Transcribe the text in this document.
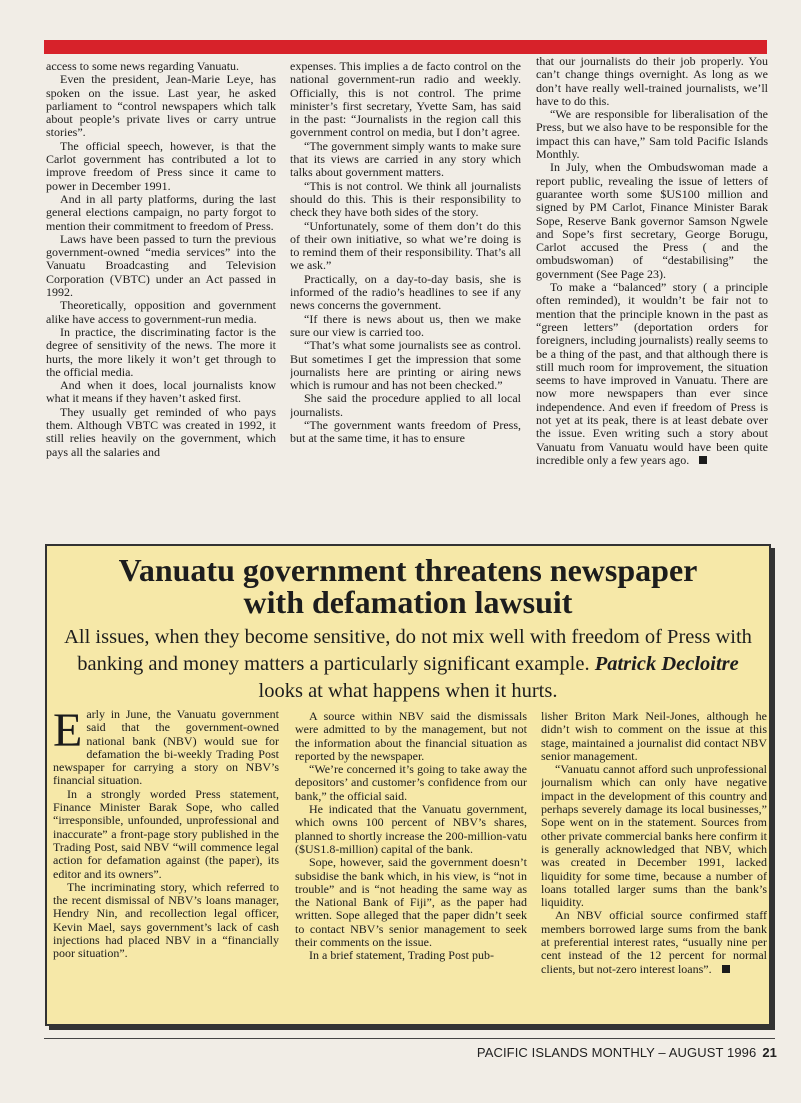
access to some news regarding Vanuatu.

Even the president, Jean-Marie Leye, has spoken on the issue. Last year, he asked parliament to “control newspapers which talk about people’s private lives or carry untrue stories”.

The official speech, however, is that the Carlot government has contributed a lot to improve freedom of Press since it came to power in December 1991.

And in all party platforms, during the last general elections campaign, no party forgot to mention their commitment to freedom of Press.

Laws have been passed to turn the previous government-owned “media services” into the Vanuatu Broadcasting and Television Corporation (VBTC) under an Act passed in 1992.

Theoretically, opposition and government alike have access to government-run media.

In practice, the discriminating factor is the degree of sensitivity of the news. The more it hurts, the more likely it won’t get through to the official media.

And when it does, local journalists know what it means if they haven’t asked first.

They usually get reminded of who pays them. Although VBTC was created in 1992, it still relies heavily on the government, which pays all the salaries and

expenses. This implies a de facto control on the national government-run radio and weekly. Officially, this is not control. The prime minister’s first secretary, Yvette Sam, has said in the past: “Journalists in the region call this government control on media, but I don’t agree.

“The government simply wants to make sure that its views are carried in any story which talks about government matters.

“This is not control. We think all journalists should do this. This is their responsibility to check they have both sides of the story.

“Unfortunately, some of them don’t do this of their own initiative, so what we’re doing is to remind them of their responsibility. That’s all we ask.”

Practically, on a day-to-day basis, she is informed of the radio’s headlines to see if any news concerns the government.

“If there is news about us, then we make sure our view is carried too.

“That’s what some journalists see as control. But sometimes I get the impression that some journalists here are printing or airing news which is rumour and has not been checked.”

She said the procedure applied to all local journalists.

“The government wants freedom of Press, but at the same time, it has to ensure

that our journalists do their job properly. You can’t change things overnight. As long as we don’t have really well-trained journalists, we’ll have to do this.

“We are responsible for liberalisation of the Press, but we also have to be responsible for the impact this can have,” Sam told Pacific Islands Monthly.

In July, when the Ombudswoman made a report public, revealing the issue of letters of guarantee worth some $US100 million and signed by PM Carlot, Finance Minister Barak Sope, Reserve Bank governor Samson Ngwele and Sope’s first secretary, George Borugu, Carlot accused the Press ( and the ombudswoman) of “destabilising” the government (See Page 23).

To make a “balanced” story ( a principle often reminded), it wouldn’t be fair not to mention that the principle known in the past as “green letters” (deportation orders for foreigners, including journalists) really seems to be a thing of the past, and that although there is still much room for improvement, the situation seems to have improved in Vanuatu. There are now more newspapers than ever since independence. And even if freedom of Press is not yet at its peak, there is at least debate over the issue. Even writing such a story about Vanuatu from Vanuatu would have been quite incredible only a few years ago.

Vanuatu government threatens newspaper
with defamation lawsuit
All issues, when they become sensitive, do not mix well with freedom of Press with banking and money matters a particularly significant example. Patrick Decloitre looks at what happens when it hurts.

Early in June, the Vanuatu government said that the government-owned national bank (NBV) would sue for defamation the bi-weekly Trading Post newspaper for carrying a story on NBV’s financial situation.

In a strongly worded Press statement, Finance Minister Barak Sope, who called “irresponsible, unfounded, unprofessional and inaccurate” a front-page story published in the Trading Post, said NBV “will commence legal action for defamation against (the paper), its editor and its owners”.

The incriminating story, which referred to the recent dismissal of NBV’s loans manager, Hendry Nin, and recollection legal officer, Kevin Mael, says government’s lack of cash injections had placed NBV in a “financially poor situation”.

A source within NBV said the dismissals were admitted to by the management, but not the information about the financial situation as reported by the newspaper.

“We’re concerned it’s going to take away the depositors’ and customer’s confidence from our bank,” the official said.

He indicated that the Vanuatu government, which owns 100 percent of NBV’s shares, planned to shortly increase the 200-million-vatu ($US1.8-million) capital of the bank.

Sope, however, said the government doesn’t subsidise the bank which, in his view, is “not in trouble” and is “not heading the same way as the National Bank of Fiji”, as the paper had written. Sope alleged that the paper didn’t seek to contact NBV’s senior management to seek their comments on the issue.

In a brief statement, Trading Post pub-

lisher Briton Mark Neil-Jones, although he didn’t wish to comment on the issue at this stage, maintained a journalist did contact NBV senior management.

“Vanuatu cannot afford such unprofessional journalism which can only have negative impact in the development of this country and perhaps severely damage its local businesses,” Sope went on in the statement. Sources from other private commercial banks here confirm it is generally acknowledged that NBV, which was created in December 1991, lacked liquidity for some time, because a number of loans totalled larger sums than the bank’s liquidity.

An NBV official source confirmed staff members borrowed large sums from the bank at preferential interest rates, “usually nine per cent instead of the 12 percent for normal clients, but not-zero interest loans”.

PACIFIC ISLANDS MONTHLY – AUGUST 1996 21
